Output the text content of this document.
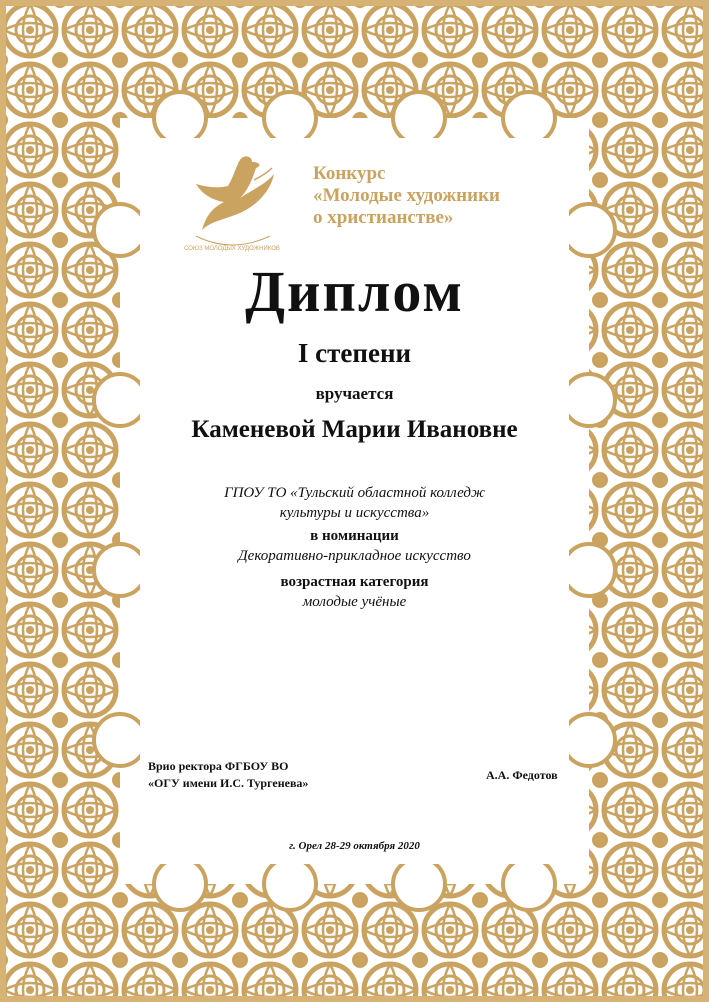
СОЮЗ МОЛОДЫХ ХУДОЖНИКОВ
Конкурс
«Молодые художники
о христианстве»
Диплом
I степени
вручается
Каменевой Марии Ивановне
ГПОУ ТО «Тульский областной колледж
культуры и искусства»
в номинации
Декоративно-прикладное искусство
возрастная категория
молодые учёные
Врио ректора ФГБОУ ВО
«ОГУ имени И.С. Тургенева»
А.А. Федотов
г. Орел 28-29 октября 2020
